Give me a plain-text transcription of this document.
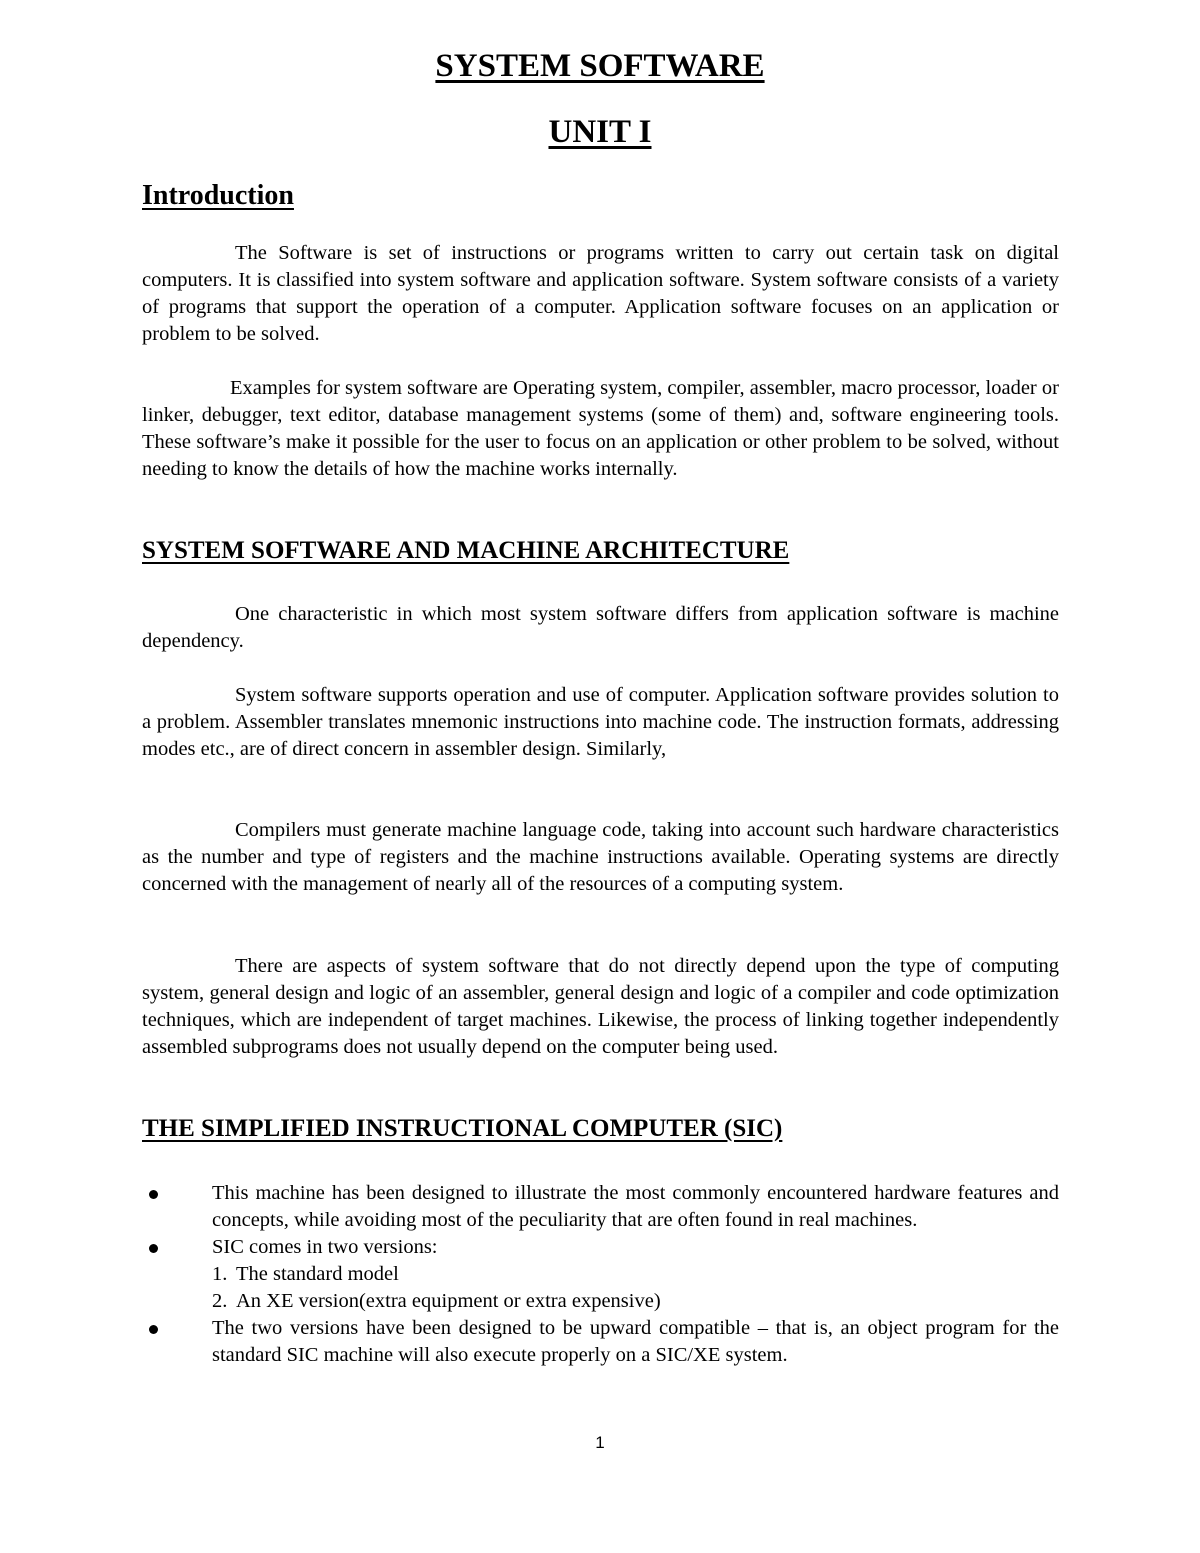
SYSTEM SOFTWARE
UNIT I
Introduction

The Software is set of instructions or programs written to carry out certain task on digital computers. It is classified into system software and application software. System software consists of a variety of programs that support the operation of a computer. Application software focuses on an application or problem to be solved.

Examples for system software are Operating system, compiler, assembler, macro processor, loader or linker, debugger, text editor, database management systems (some of them) and, software engineering tools. These software’s make it possible for the user to focus on an application or other problem to be solved, without needing to know the details of how the machine works internally.

SYSTEM SOFTWARE AND MACHINE ARCHITECTURE

One characteristic in which most system software differs from application software is machine dependency.

System software supports operation and use of computer. Application software provides solution to a problem. Assembler translates mnemonic instructions into machine code. The instruction formats, addressing modes etc., are of direct concern in assembler design. Similarly,

Compilers must generate machine language code, taking into account such hardware characteristics as the number and type of registers and the machine instructions available. Operating systems are directly concerned with the management of nearly all of the resources of a computing system.

There are aspects of system software that do not directly depend upon the type of computing system, general design and logic of an assembler, general design and logic of a compiler and code optimization techniques, which are independent of target machines. Likewise, the process of linking together independently assembled subprograms does not usually depend on the computer being used.

THE SIMPLIFIED INSTRUCTIONAL COMPUTER (SIC)
This machine has been designed to illustrate the most commonly encountered hardware features and concepts, while avoiding most of the peculiarity that are often found in real machines.
SIC comes in two versions:
1. The standard model
2. An XE version(extra equipment or extra expensive)
The two versions have been designed to be upward compatible – that is, an object program for the standard SIC machine will also execute properly on a SIC/XE system.
1
